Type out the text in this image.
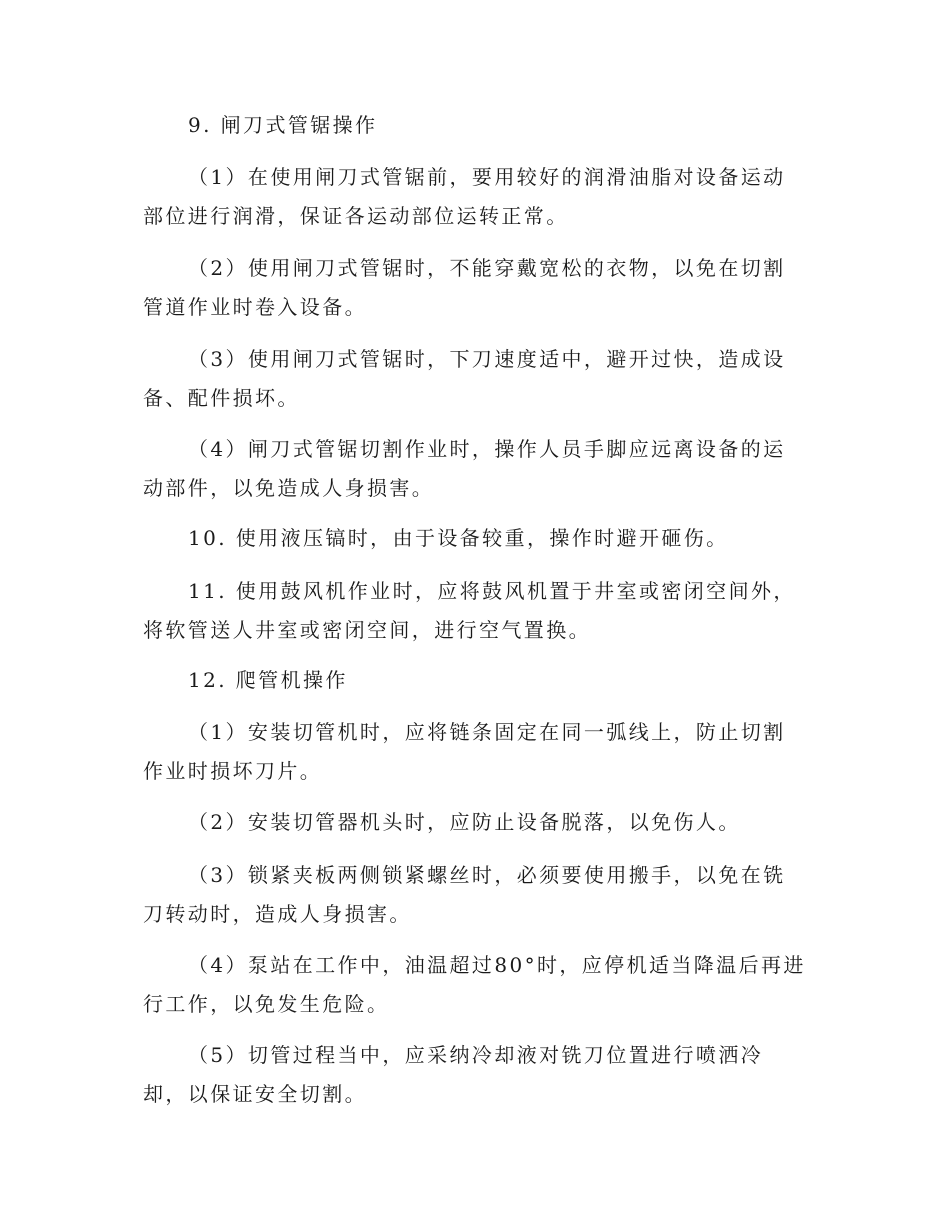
9. 闸刀式管锯操作

（1）在使用闸刀式管锯前，要用较好的润滑油脂对设备运动部位进行润滑，保证各运动部位运转正常。

（2）使用闸刀式管锯时，不能穿戴宽松的衣物，以免在切割管道作业时卷入设备。

（3）使用闸刀式管锯时，下刀速度适中，避开过快，造成设备、配件损坏。

（4）闸刀式管锯切割作业时，操作人员手脚应远离设备的运动部件，以免造成人身损害。

10. 使用液压镐时，由于设备较重，操作时避开砸伤。

11. 使用鼓风机作业时，应将鼓风机置于井室或密闭空间外，将软管送人井室或密闭空间，进行空气置换。

12. 爬管机操作

（1）安装切管机时，应将链条固定在同一弧线上，防止切割作业时损坏刀片。

（2）安装切管器机头时，应防止设备脱落，以免伤人。

（3）锁紧夹板两侧锁紧螺丝时，必须要使用搬手，以免在铣刀转动时，造成人身损害。

（4）泵站在工作中，油温超过80°时，应停机适当降温后再进行工作，以免发生危险。

（5）切管过程当中，应采纳冷却液对铣刀位置进行喷洒冷却，以保证安全切割。
